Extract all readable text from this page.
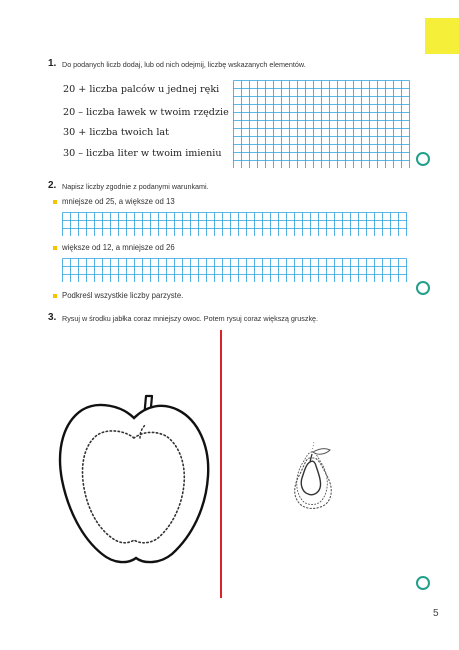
1. Do podanych liczb dodaj, lub od nich odejmij, liczbę wskazanych elementów.
20 + liczba palców u jednej ręki
20 – liczba ławek w twoim rzędzie
30 + liczba twoich lat
30 – liczba liter w twoim imieniu
2. Napisz liczby zgodnie z podanymi warunkami.
mniejsze od 25, a większe od 13
większe od 12, a mniejsze od 26
Podkreśl wszystkie liczby parzyste.
3. Rysuj w środku jabłka coraz mniejszy owoc. Potem rysuj coraz większą gruszkę.
5
